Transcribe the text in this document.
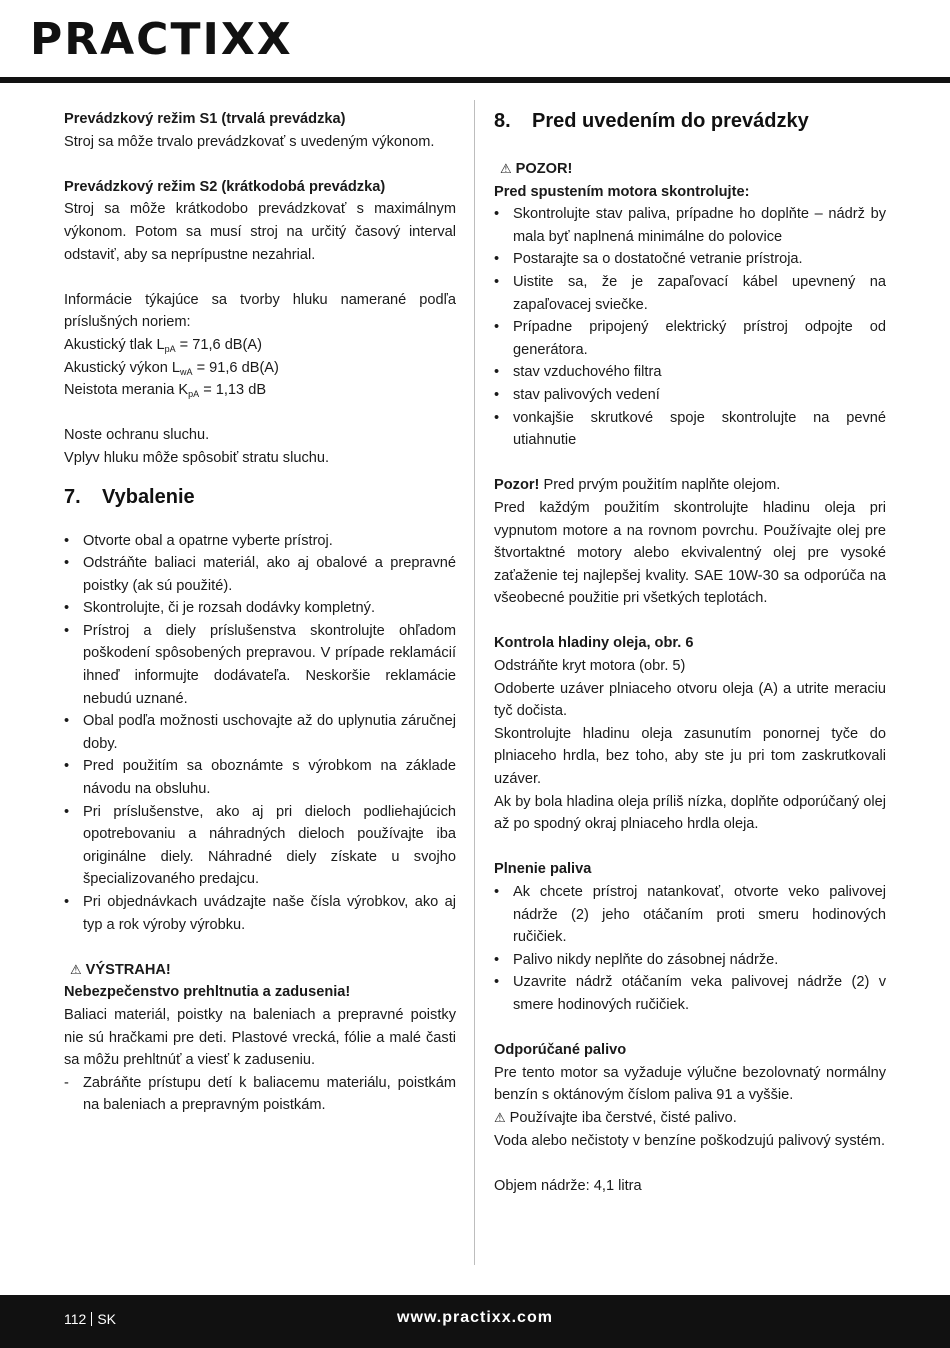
PRACTIXX

Prevádzkový režim S1 (trvalá prevádzka)

Stroj sa môže trvalo prevádzkovať s uvedeným výkonom.

Prevádzkový režim S2 (krátkodobá prevádzka)

Stroj sa môže krátkodobo prevádzkovať s maximálnym výkonom. Potom sa musí stroj na určitý časový interval odstaviť, aby sa neprípustne nezahrial.

Informácie týkajúce sa tvorby hluku namerané podľa príslušných noriem:

Akustický tlak $L_{pA} = 71,6$ dB(A)

Akustický výkon $L_{wA} = 91,6$ dB(A)

Neistota merania $K_{pA} = 1,13$ dB

Noste ochranu sluchu.

Vplyv hluku môže spôsobiť stratu sluchu.

7. Vybalenie
• Otvorte obal a opatrne vyberte prístroj.
• Odstráňte baliaci materiál, ako aj obalové a prepravné poistky (ak sú použité).
• Skontrolujte, či je rozsah dodávky kompletný.
• Prístroj a diely príslušenstva skontrolujte ohľadom poškodení spôsobených prepravou. V prípade reklamácií ihneď informujte dodávateľa. Neskoršie reklamácie nebudú uznané.
• Obal podľa možnosti uschovajte až do uplynutia záručnej doby.
• Pred použitím sa oboznámte s výrobkom na základe návodu na obsluhu.
• Pri príslušenstve, ako aj pri dieloch podliehajúcich opotrebovaniu a náhradných dieloch používajte iba originálne diely. Náhradné diely získate u svojho špecializovaného predajcu.
• Pri objednávkach uvádzajte naše čísla výrobkov, ako aj typ a rok výroby výrobku.

⚠ VÝSTRAHA!

Nebezpečenstvo prehltnutia a zadusenia!

Baliaci materiál, poistky na baleniach a prepravné poistky nie sú hračkami pre deti. Plastové vrecká, fólie a malé časti sa môžu prehltnúť a viesť k zaduseniu.

- Zabráňte prístupu detí k baliacemu materiálu, poistkám na baleniach a prepravným poistkám.
8. Pred uvedením do prevádzky

⚠ POZOR!

Pred spustením motora skontrolujte:

• Skontrolujte stav paliva, prípadne ho doplňte – nádrž by mala byť naplnená minimálne do polovice
• Postarajte sa o dostatočné vetranie prístroja.
• Uistite sa, že je zapaľovací kábel upevnený na zapaľovacej sviečke.
• Prípadne pripojený elektrický prístroj odpojte od generátora.
• stav vzduchového filtra
• stav palivových vedení
• vonkajšie skrutkové spoje skontrolujte na pevné utiahnutie

Pozor! Pred prvým použitím naplňte olejom.

Pred každým použitím skontrolujte hladinu oleja pri vypnutom motore a na rovnom povrchu. Používajte olej pre štvortaktné motory alebo ekvivalentný olej pre vysoké zaťaženie tej najlepšej kvality. SAE 10W-30 sa odporúča na všeobecné použitie pri všetkých teplotách.

Kontrola hladiny oleja, obr. 6

Odstráňte kryt motora (obr. 5)

Odoberte uzáver plniaceho otvoru oleja (A) a utrite meraciu tyč dočista.

Skontrolujte hladinu oleja zasunutím ponornej tyče do plniaceho hrdla, bez toho, aby ste ju pri tom zaskrutkovali uzáver.

Ak by bola hladina oleja príliš nízka, doplňte odporúčaný olej až po spodný okraj plniaceho hrdla oleja.

Plnenie paliva

• Ak chcete prístroj natankovať, otvorte veko palivovej nádrže (2) jeho otáčaním proti smeru hodinových ručičiek.
• Palivo nikdy neplňte do zásobnej nádrže.
• Uzavrite nádrž otáčaním veka palivovej nádrže (2) v smere hodinových ručičiek.

Odporúčané palivo

Pre tento motor sa vyžaduje výlučne bezolovnatý normálny benzín s oktánovým číslom paliva 91 a vyššie.

⚠ Používajte iba čerstvé, čisté palivo.

Voda alebo nečistoty v benzíne poškodzujú palivový systém.

Objem nádrže: 4,1 litra

112 SK	www.practixx.com
